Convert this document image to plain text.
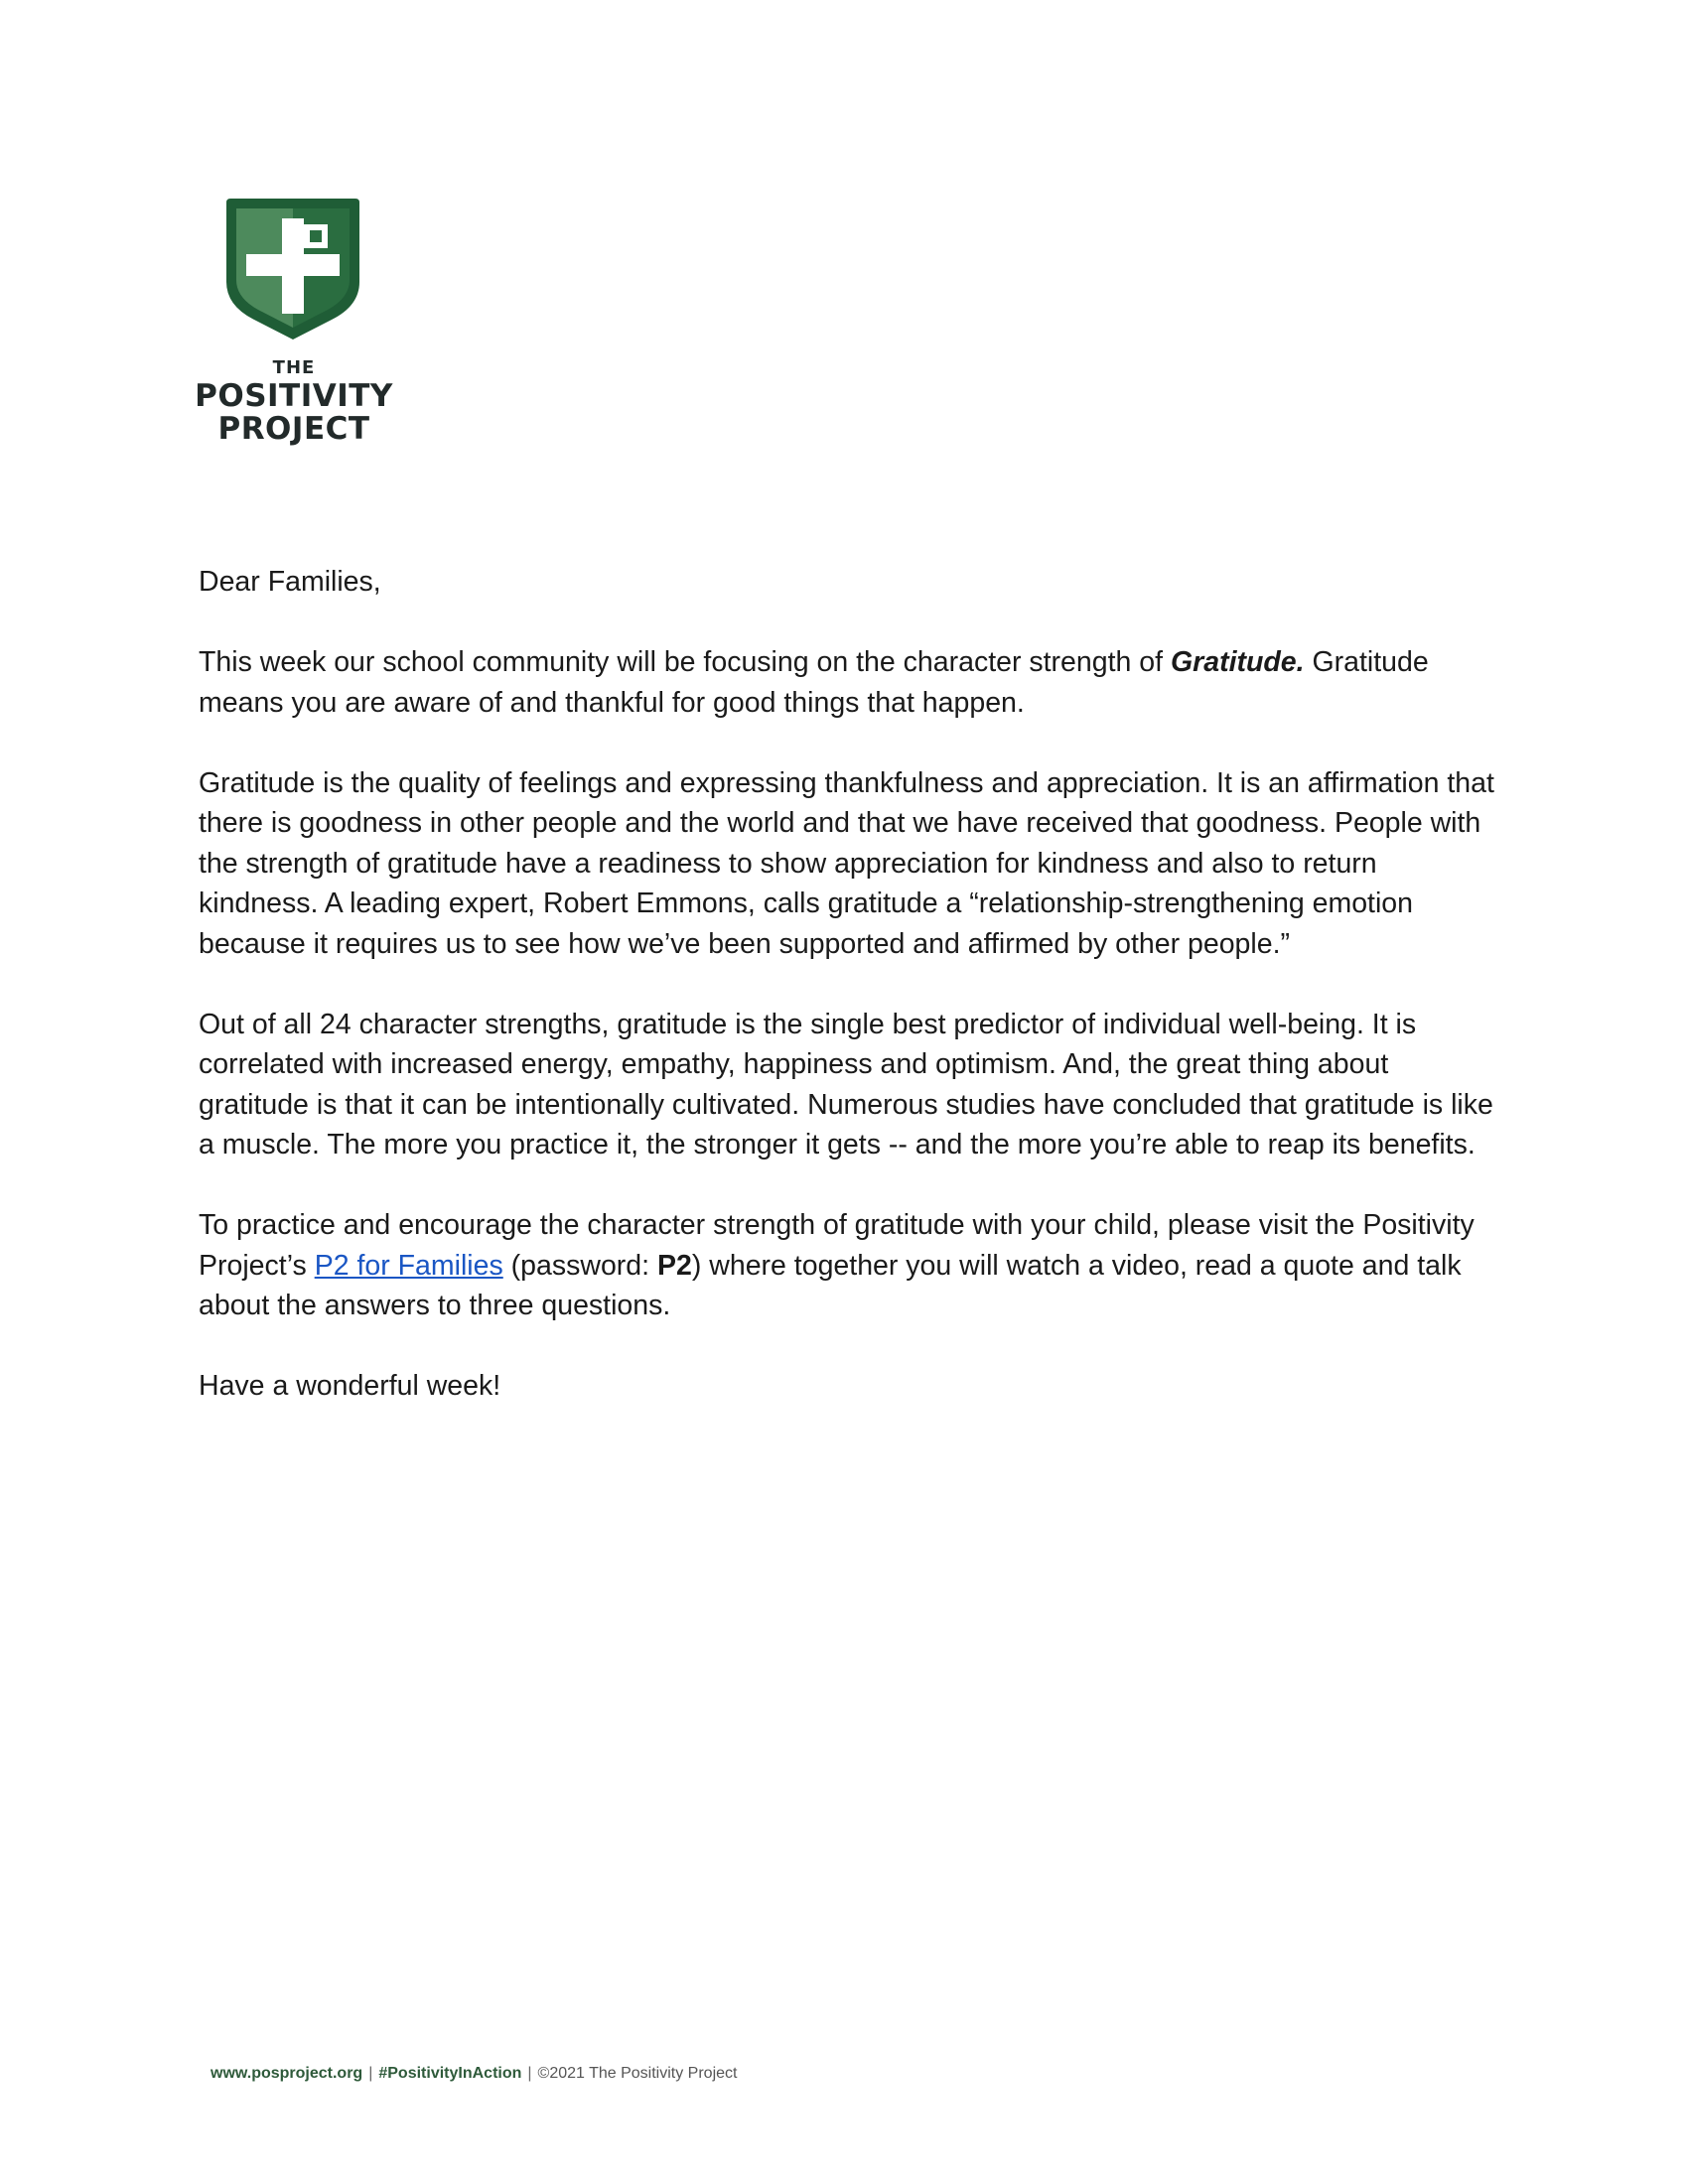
THE
POSITIVITY
PROJECT

Dear Families,

This week our school community will be focusing on the character strength of Gratitude. Gratitude means you are aware of and thankful for good things that happen.

Gratitude is the quality of feelings and expressing thankfulness and appreciation. It is an affirmation that there is goodness in other people and the world and that we have received that goodness. People with the strength of gratitude have a readiness to show appreciation for kindness and also to return kindness. A leading expert, Robert Emmons, calls gratitude a “relationship-strengthening emotion because it requires us to see how we’ve been supported and affirmed by other people.”

Out of all 24 character strengths, gratitude is the single best predictor of individual well-being. It is correlated with increased energy, empathy, happiness and optimism. And, the great thing about gratitude is that it can be intentionally cultivated. Numerous studies have concluded that gratitude is like a muscle. The more you practice it, the stronger it gets -- and the more you’re able to reap its benefits.

To practice and encourage the character strength of gratitude with your child, please visit the Positivity Project’s P2 for Families (password: P2) where together you will watch a video, read a quote and talk about the answers to three questions.

Have a wonderful week!

www.posproject.org | #PositivityInAction | ©2021 The Positivity Project
